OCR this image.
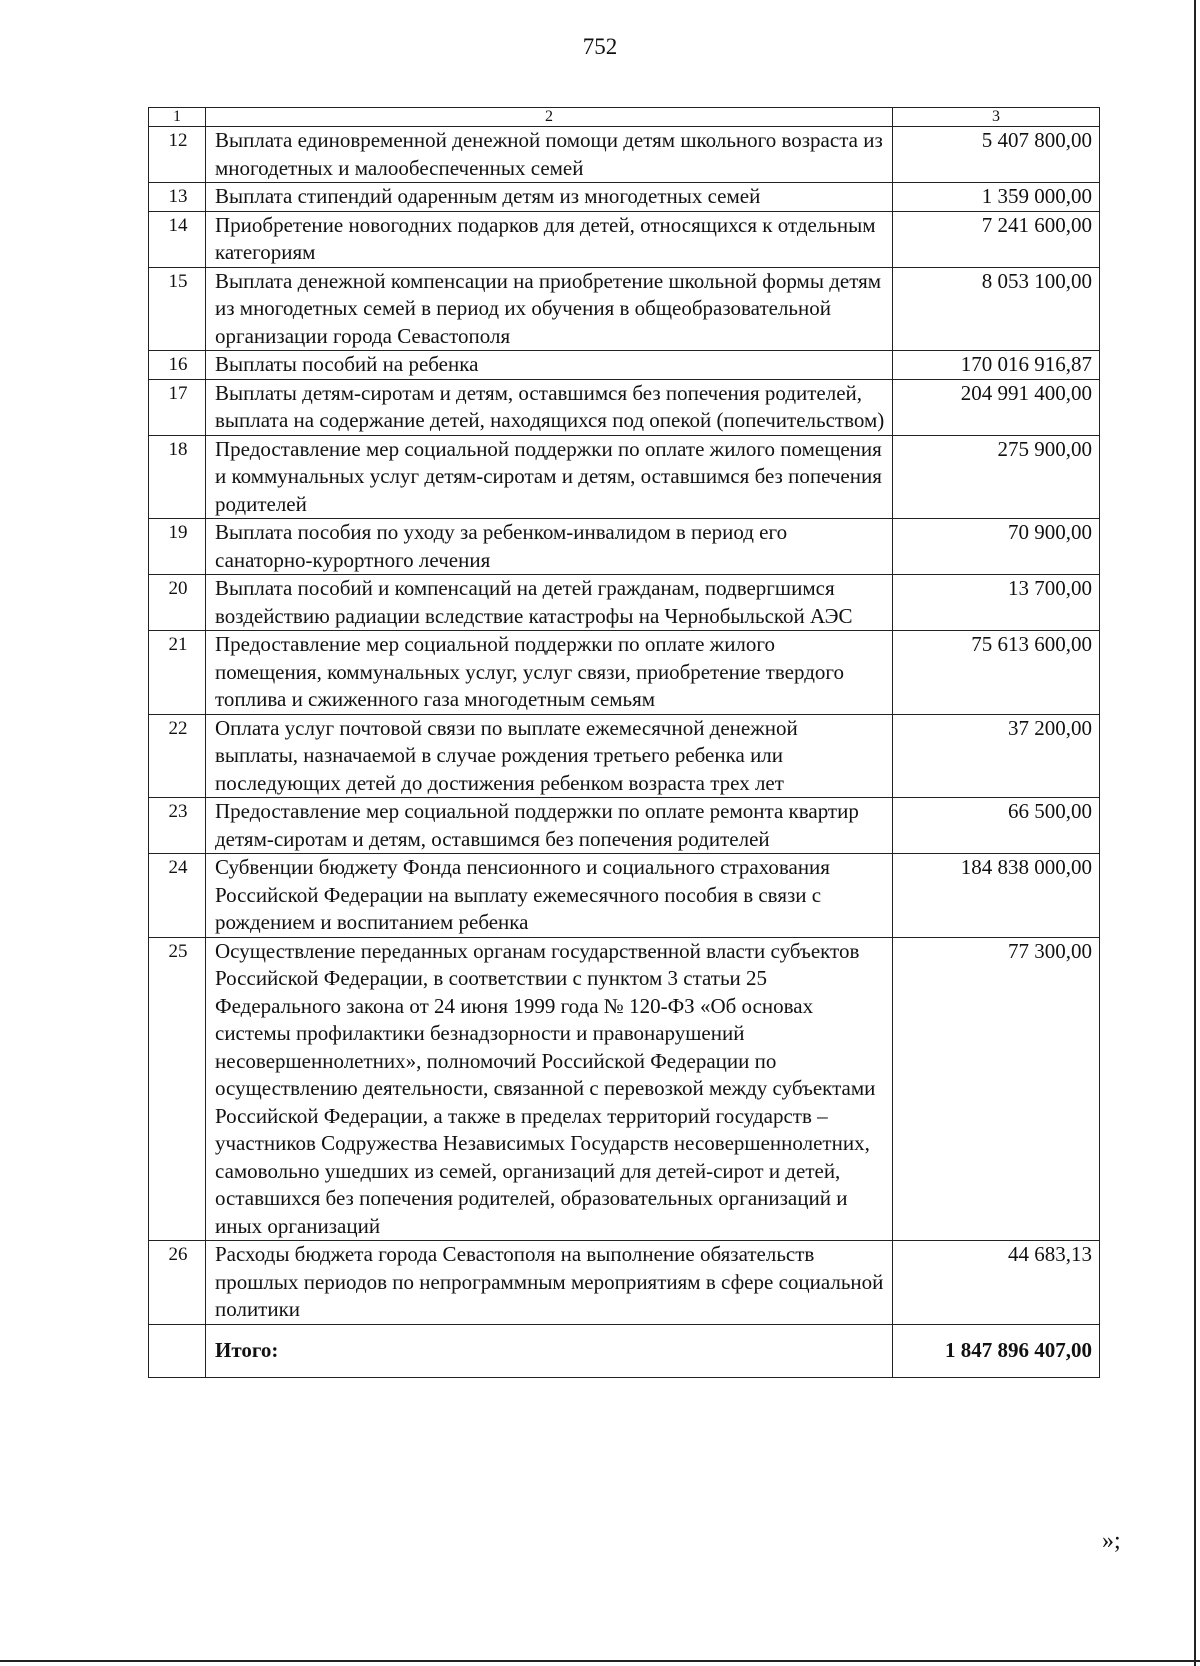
752
1	2	3
12	Выплата единовременной денежной помощи детям школьного возраста из многодетных и малообеспеченных семей	5 407 800,00
13	Выплата стипендий одаренным детям из многодетных семей	1 359 000,00
14	Приобретение новогодних подарков для детей, относящихся к отдельным категориям	7 241 600,00
15	Выплата денежной компенсации на приобретение школьной формы детям из многодетных семей в период их обучения в общеобразовательной организации города Севастополя	8 053 100,00
16	Выплаты пособий на ребенка	170 016 916,87
17	Выплаты детям-сиротам и детям, оставшимся без попечения родителей, выплата на содержание детей, находящихся под опекой (попечительством)	204 991 400,00
18	Предоставление мер социальной поддержки по оплате жилого помещения и коммунальных услуг детям-сиротам и детям, оставшимся без попечения родителей	275 900,00
19	Выплата пособия по уходу за ребенком-инвалидом в период его санаторно-курортного лечения	70 900,00
20	Выплата пособий и компенсаций на детей гражданам, подвергшимся воздействию радиации вследствие катастрофы на Чернобыльской АЭС	13 700,00
21	Предоставление мер социальной поддержки по оплате жилого помещения, коммунальных услуг, услуг связи, приобретение твердого топлива и сжиженного газа многодетным семьям	75 613 600,00
22	Оплата услуг почтовой связи по выплате ежемесячной денежной выплаты, назначаемой в случае рождения третьего ребенка или последующих детей до достижения ребенком возраста трех лет	37 200,00
23	Предоставление мер социальной поддержки по оплате ремонта квартир детям-сиротам и детям, оставшимся без попечения родителей	66 500,00
24	Субвенции бюджету Фонда пенсионного и социального страхования Российской Федерации на выплату ежемесячного пособия в связи с рождением и воспитанием ребенка	184 838 000,00
25	Осуществление переданных органам государственной власти субъектов Российской Федерации, в соответствии с пунктом 3 статьи 25 Федерального закона от 24 июня 1999 года № 120-ФЗ «Об основах системы профилактики безнадзорности и правонарушений несовершеннолетних», полномочий Российской Федерации по осуществлению деятельности, связанной с перевозкой между субъектами Российской Федерации, а также в пределах территорий государств – участников Содружества Независимых Государств несовершеннолетних, самовольно ушедших из семей, организаций для детей-сирот и детей, оставшихся без попечения родителей, образовательных организаций и иных организаций	77 300,00
26	Расходы бюджета города Севастополя на выполнение обязательств прошлых периодов по непрограммным мероприятиям в сфере социальной политики	44 683,13
	Итого:	1 847 896 407,00
»;
